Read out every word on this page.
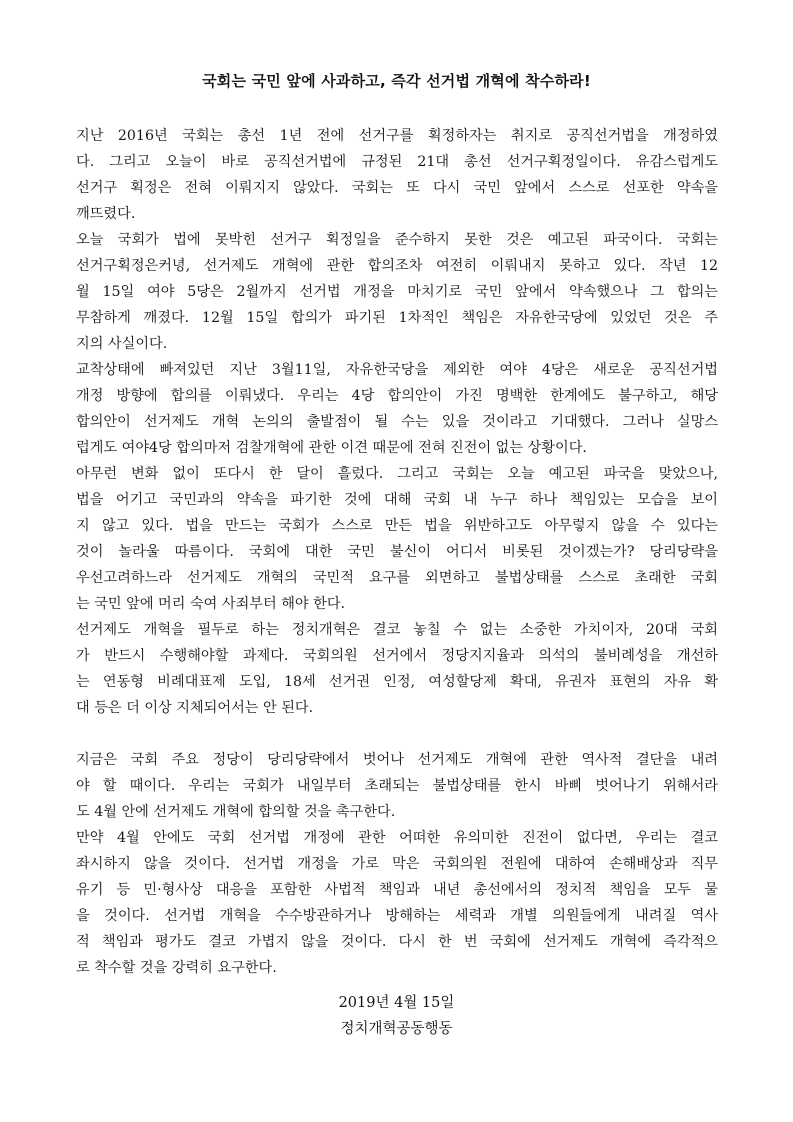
국회는 국민 앞에 사과하고, 즉각 선거법 개혁에 착수하라!
지난 2016년 국회는 총선 1년 전에 선거구를 획정하자는 취지로 공직선거법을 개정하였
다. 그리고 오늘이 바로 공직선거법에 규정된 21대 총선 선거구획정일이다. 유감스럽게도
선거구 획정은 전혀 이뤄지지 않았다. 국회는 또 다시 국민 앞에서 스스로 선포한 약속을
깨뜨렸다.
오늘 국회가 법에 못박힌 선거구 획정일을 준수하지 못한 것은 예고된 파국이다. 국회는
선거구획정은커녕, 선거제도 개혁에 관한 합의조차 여전히 이뤄내지 못하고 있다. 작년 12
월 15일 여야 5당은 2월까지 선거법 개정을 마치기로 국민 앞에서 약속했으나 그 합의는
무참하게 깨졌다. 12월 15일 합의가 파기된 1차적인 책임은 자유한국당에 있었던 것은 주
지의 사실이다.
교착상태에 빠져있던 지난 3월11일, 자유한국당을 제외한 여야 4당은 새로운 공직선거법
개정 방향에 합의를 이뤄냈다. 우리는 4당 합의안이 가진 명백한 한계에도 불구하고, 해당
합의안이 선거제도 개혁 논의의 출발점이 될 수는 있을 것이라고 기대했다. 그러나 실망스
럽게도 여야4당 합의마저 검찰개혁에 관한 이견 때문에 전혀 진전이 없는 상황이다.
아무런 변화 없이 또다시 한 달이 흘렀다. 그리고 국회는 오늘 예고된 파국을 맞았으나,
법을 어기고 국민과의 약속을 파기한 것에 대해 국회 내 누구 하나 책임있는 모습을 보이
지 않고 있다. 법을 만드는 국회가 스스로 만든 법을 위반하고도 아무렇지 않을 수 있다는
것이 놀라울 따름이다. 국회에 대한 국민 불신이 어디서 비롯된 것이겠는가? 당리당략을
우선고려하느라 선거제도 개혁의 국민적 요구를 외면하고 불법상태를 스스로 초래한 국회
는 국민 앞에 머리 숙여 사죄부터 해야 한다.
선거제도 개혁을 필두로 하는 정치개혁은 결코 놓칠 수 없는 소중한 가치이자, 20대 국회
가 반드시 수행해야할 과제다. 국회의원 선거에서 정당지지율과 의석의 불비례성을 개선하
는 연동형 비례대표제 도입, 18세 선거권 인정, 여성할당제 확대, 유권자 표현의 자유 확
대 등은 더 이상 지체되어서는 안 된다.
지금은 국회 주요 정당이 당리당략에서 벗어나 선거제도 개혁에 관한 역사적 결단을 내려
야 할 때이다. 우리는 국회가 내일부터 초래되는 불법상태를 한시 바삐 벗어나기 위해서라
도 4월 안에 선거제도 개혁에 합의할 것을 촉구한다.
만약 4월 안에도 국회 선거법 개정에 관한 어떠한 유의미한 진전이 없다면, 우리는 결코
좌시하지 않을 것이다. 선거법 개정을 가로 막은 국회의원 전원에 대하여 손해배상과 직무
유기 등 민·형사상 대응을 포함한 사법적 책임과 내년 총선에서의 정치적 책임을 모두 물
을 것이다. 선거법 개혁을 수수방관하거나 방해하는 세력과 개별 의원들에게 내려질 역사
적 책임과 평가도 결코 가볍지 않을 것이다. 다시 한 번 국회에 선거제도 개혁에 즉각적으
로 착수할 것을 강력히 요구한다.
2019년 4월 15일
정치개혁공동행동
